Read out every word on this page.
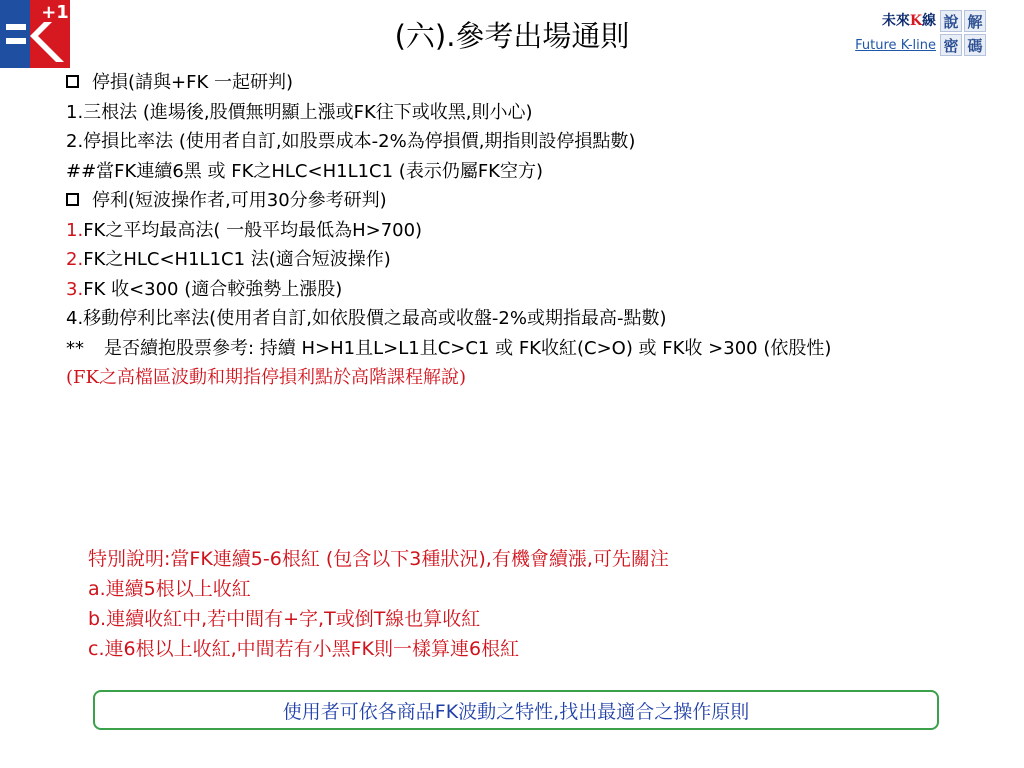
+1
(六).參考出場通則	未來K線
Future K-line
說 解
密 碼
停損(請與+FK 一起研判)
1.三根法 (進場後,股價無明顯上漲或FK往下或收黑,則小心)
2.停損比率法 (使用者自訂,如股票成本-2%為停損價,期指則設停損點數)
##當FK連續6黑 或 FK之HLC<H1L1C1 (表示仍屬FK空方)
停利(短波操作者,可用30分參考研判)
1.FK之平均最高法( 一般平均最低為H>700)
2.FK之HLC<H1L1C1 法(適合短波操作)
3.FK 收<300 (適合較強勢上漲股)
4.移動停利比率法(使用者自訂,如依股價之最高或收盤-2%或期指最高-點數)
**	是否續抱股票參考: 持續 H>H1且L>L1且C>C1 或 FK收紅(C>O) 或 FK收 >300 (依股性)
(FK之高檔區波動和期指停損利點於高階課程解說)
特別說明:當FK連續5-6根紅 (包含以下3種狀況),有機會續漲,可先關注
a.連續5根以上收紅
b.連續收紅中,若中間有+字,T或倒T線也算收紅
c.連6根以上收紅,中間若有小黑FK則一樣算連6根紅
使用者可依各商品FK波動之特性,找出最適合之操作原則
